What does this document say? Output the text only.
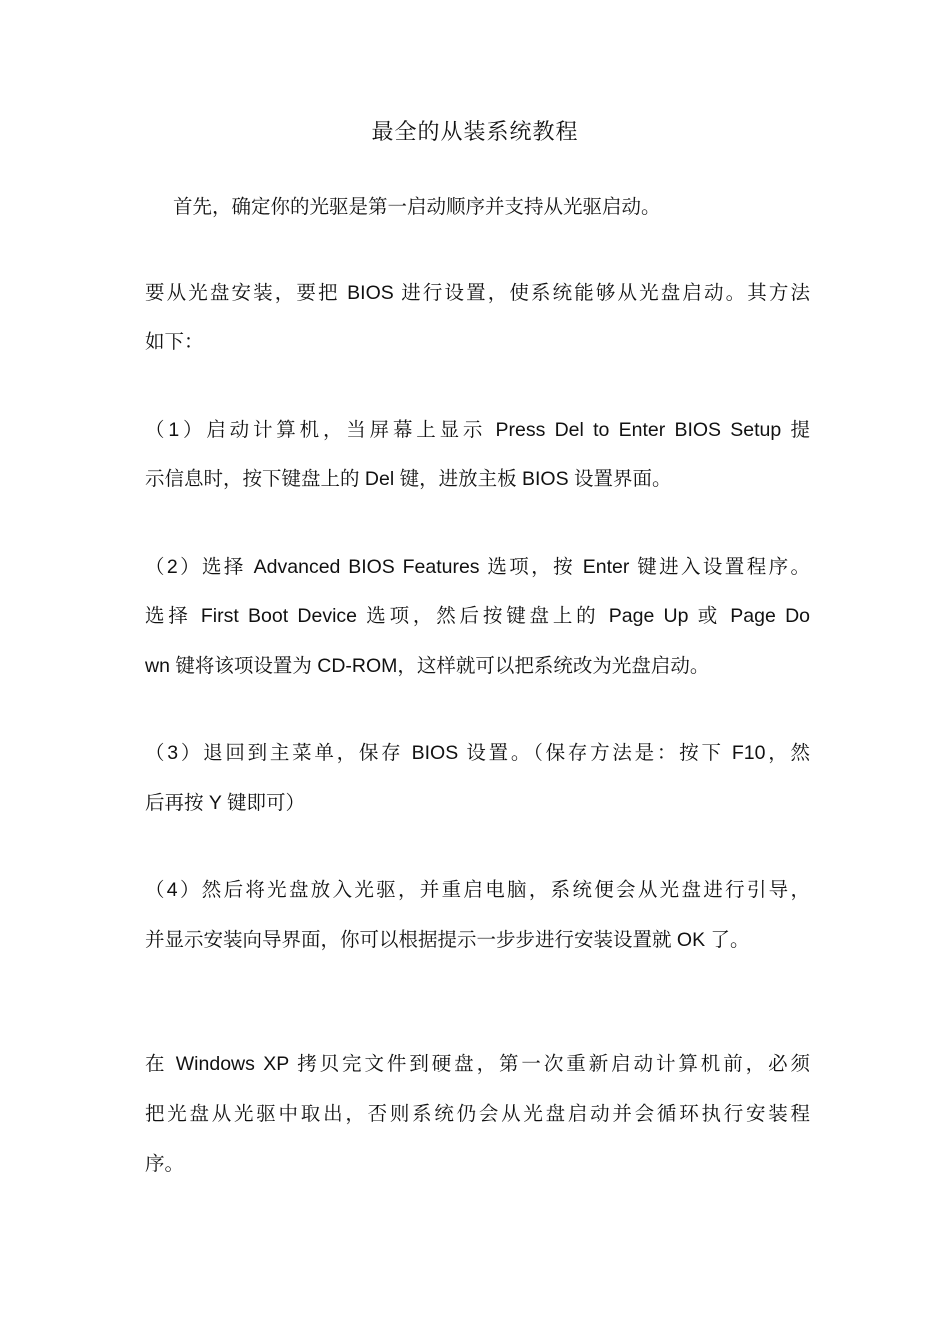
最全的从装系统教程

首先，确定你的光驱是第一启动顺序并支持从光驱启动。

要从光盘安装，要把 BIOS 进行设置，使系统能够从光盘启动。其方法

如下：

（1）启动计算机，当屏幕上显示 Press Del to Enter BIOS Setup 提

示信息时，按下键盘上的 Del 键，进放主板 BIOS 设置界面。

（2）选择 Advanced BIOS Features 选项，按 Enter 键进入设置程序。

选择 First Boot Device 选项，然后按键盘上的 Page Up 或 Page Do

wn 键将该项设置为 CD-ROM，这样就可以把系统改为光盘启动。

（3）退回到主菜单，保存 BIOS 设置。（保存方法是：按下 F10，然

后再按 Y 键即可）

（4）然后将光盘放入光驱，并重启电脑，系统便会从光盘进行引导，

并显示安装向导界面，你可以根据提示一步步进行安装设置就 OK 了。

在 Windows XP 拷贝完文件到硬盘，第一次重新启动计算机前，必须

把光盘从光驱中取出，否则系统仍会从光盘启动并会循环执行安装程

序。
